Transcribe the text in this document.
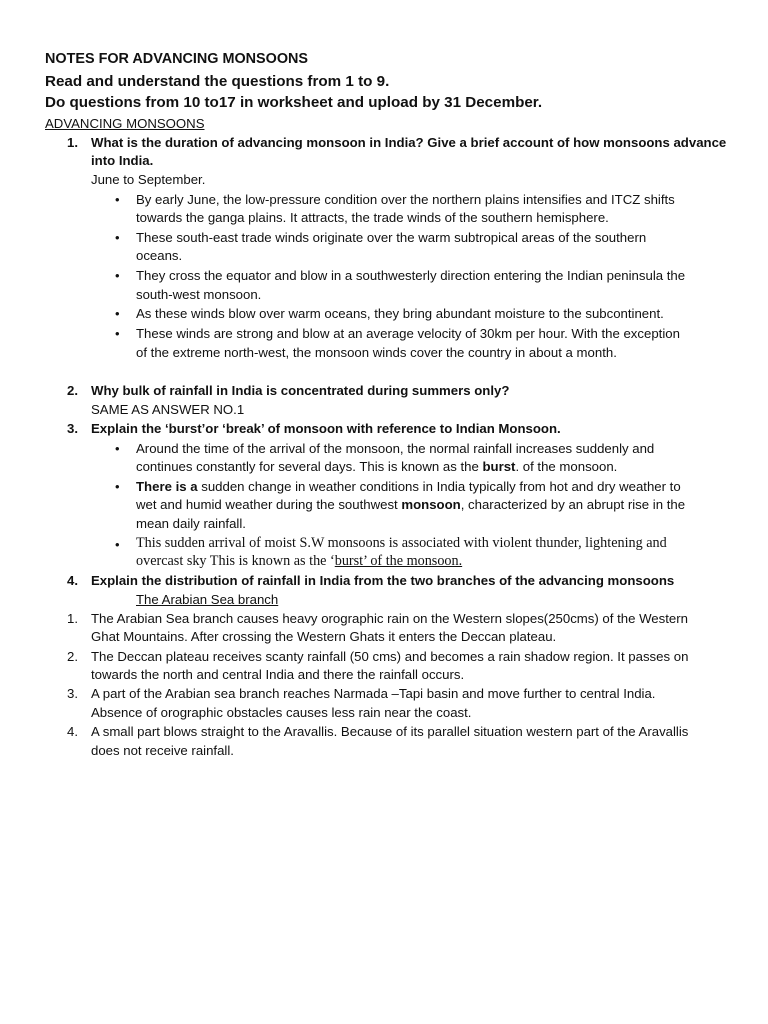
NOTES FOR ADVANCING MONSOONS
Read and understand the questions from 1 to 9.
Do questions from 10 to17 in worksheet and upload by 31 December.
ADVANCING MONSOONS
1. What is the duration of advancing monsoon in India? Give a brief account of how monsoons advance
into India.
June to September.
• By early June, the low-pressure condition over the northern plains intensifies and ITCZ shifts
towards the ganga plains. It attracts, the trade winds of the southern hemisphere.
• These south-east trade winds originate over the warm subtropical areas of the southern
oceans.
• They cross the equator and blow in a southwesterly direction entering the Indian peninsula the
south-west monsoon.
• As these winds blow over warm oceans, they bring abundant moisture to the subcontinent.
• These winds are strong and blow at an average velocity of 30km per hour. With the exception
of the extreme north-west, the monsoon winds cover the country in about a month.
2. Why bulk of rainfall in India is concentrated during summers only?
SAME AS ANSWER NO.1
3. Explain the ‘burst’or ‘break’ of monsoon with reference to Indian Monsoon.
• Around the time of the arrival of the monsoon, the normal rainfall increases suddenly and
continues constantly for several days. This is known as the burst. of the monsoon.
• There is a sudden change in weather conditions in India typically from hot and dry weather to
wet and humid weather during the southwest monsoon, characterized by an abrupt rise in the
mean daily rainfall.
• This sudden arrival of moist S.W monsoons is associated with violent thunder, lightening and
overcast sky This is known as the ‘burst’ of the monsoon.
4. Explain the distribution of rainfall in India from the two branches of the advancing monsoons
The Arabian Sea branch
1. The Arabian Sea branch causes heavy orographic rain on the Western slopes(250cms) of the Western
Ghat Mountains. After crossing the Western Ghats it enters the Deccan plateau.
2. The Deccan plateau receives scanty rainfall (50 cms) and becomes a rain shadow region. It passes on
towards the north and central India and there the rainfall occurs.
3. A part of the Arabian sea branch reaches Narmada –Tapi basin and move further to central India.
Absence of orographic obstacles causes less rain near the coast.
4. A small part blows straight to the Aravallis. Because of its parallel situation western part of the Aravallis
does not receive rainfall.
